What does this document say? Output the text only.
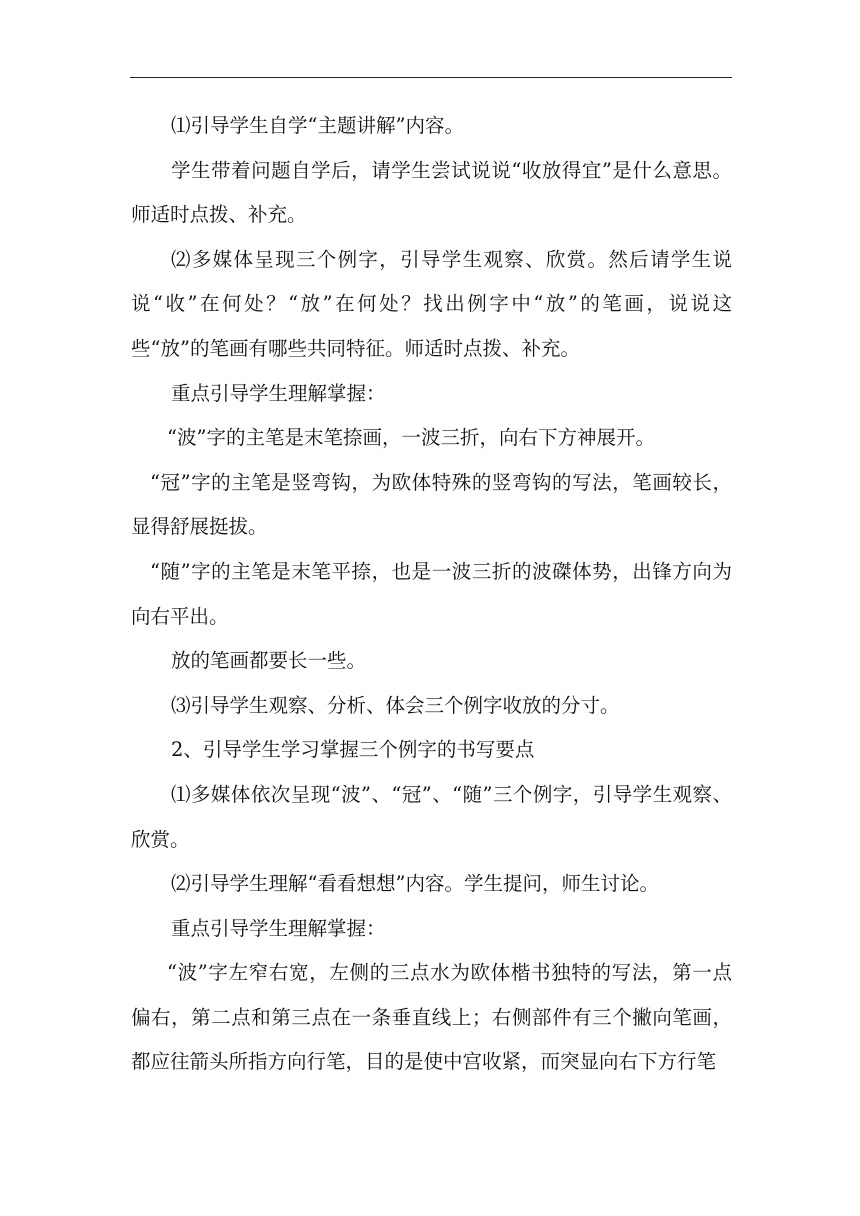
⑴引导学生自学“主题讲解”内容。

学生带着问题自学后，请学生尝试说说“收放得宜”是什么意思。师适时点拨、补充。

⑵多媒体呈现三个例字，引导学生观察、欣赏。然后请学生说说“收”在何处？“放”在何处？找出例字中“放”的笔画，说说这些“放”的笔画有哪些共同特征。师适时点拨、补充。

重点引导学生理解掌握：

“波”字的主笔是末笔捺画，一波三折，向右下方神展开。

“冠”字的主笔是竖弯钩，为欧体特殊的竖弯钩的写法，笔画较长，显得舒展挺拔。

“随”字的主笔是末笔平捺，也是一波三折的波磔体势，出锋方向为向右平出。

放的笔画都要长一些。

⑶引导学生观察、分析、体会三个例字收放的分寸。

2、引导学生学习掌握三个例字的书写要点

⑴多媒体依次呈现“波”、“冠”、“随”三个例字，引导学生观察、欣赏。

⑵引导学生理解“看看想想”内容。学生提问，师生讨论。

重点引导学生理解掌握：

“波”字左窄右宽，左侧的三点水为欧体楷书独特的写法，第一点偏右，第二点和第三点在一条垂直线上；右侧部件有三个撇向笔画，都应往箭头所指方向行笔，目的是使中宫收紧，而突显向右下方行笔
